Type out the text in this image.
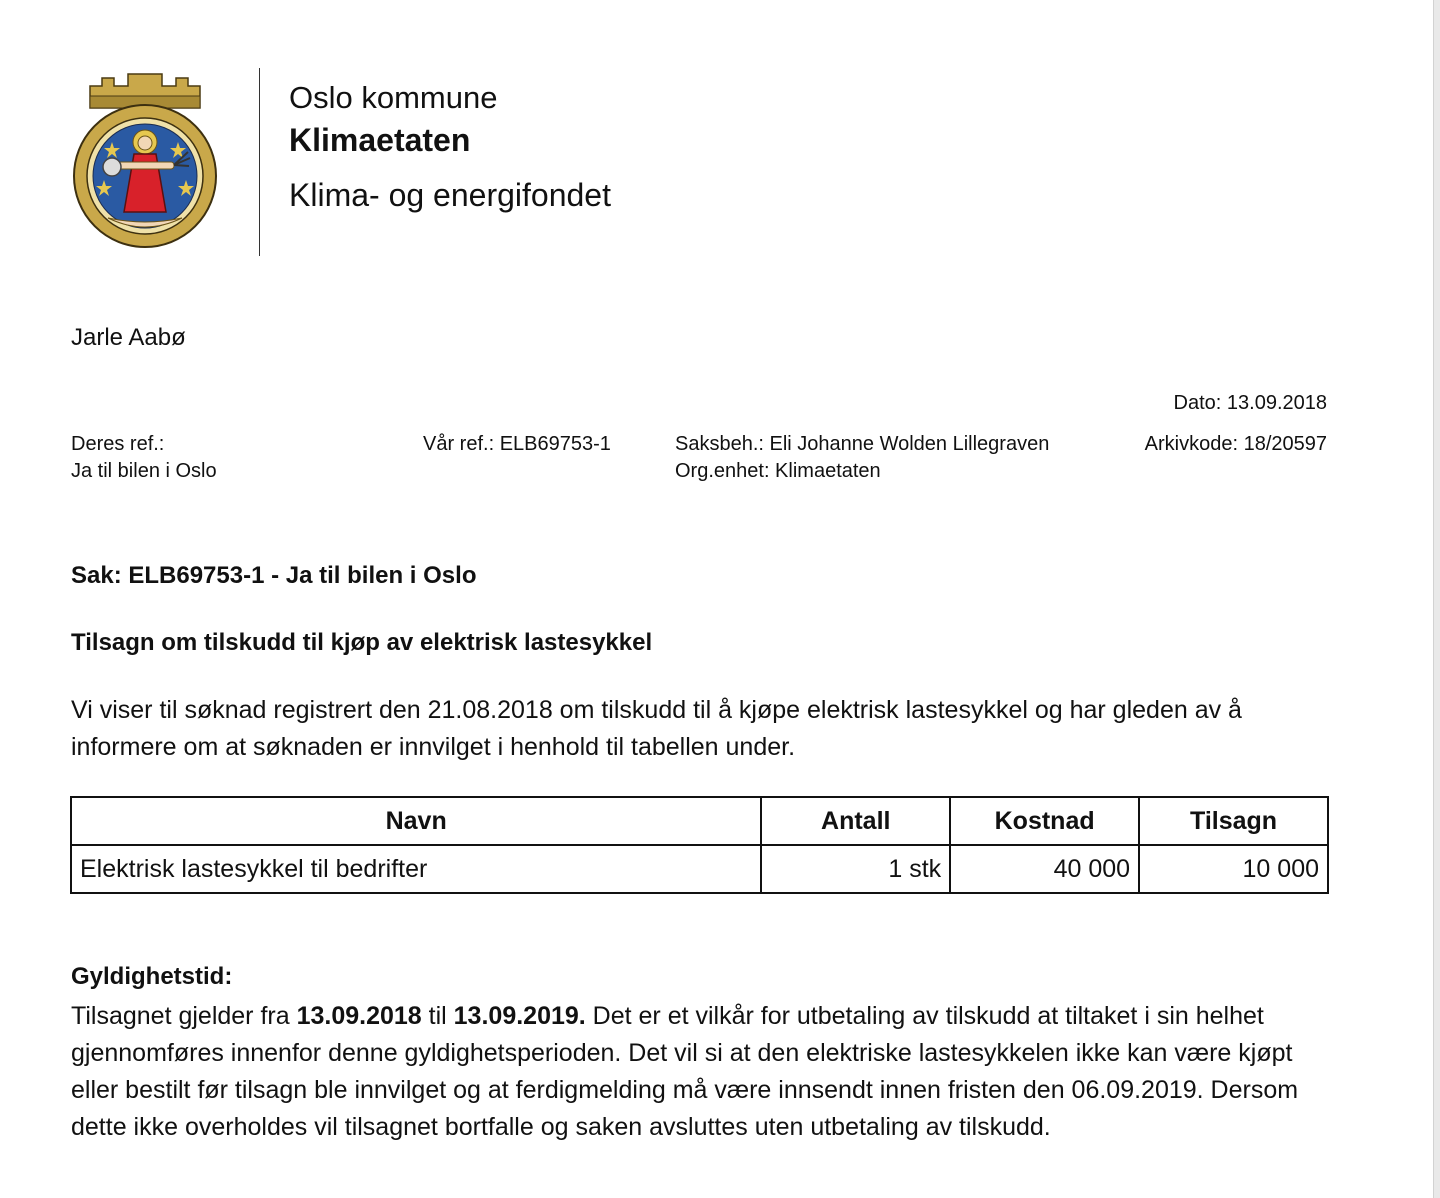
Oslo kommune
Klimaetaten
Klima- og energifondet
Jarle Aabø
Dato: 13.09.2018
Deres ref.:
Ja til bilen i Oslo
Vår ref.: ELB69753-1	Saksbeh.: Eli Johanne Wolden Lillegraven
Org.enhet: Klimaetaten
Arkivkode: 18/20597
Sak: ELB69753-1 - Ja til bilen i Oslo
Tilsagn om tilskudd til kjøp av elektrisk lastesykkel

Vi viser til søknad registrert den 21.08.2018 om tilskudd til å kjøpe elektrisk lastesykkel og har gleden av å informere om at søknaden er innvilget i henhold til tabellen under.

Navn	Antall	Kostnad	Tilsagn
Elektrisk lastesykkel til bedrifter	1 stk	40 000	10 000
Gyldighetstid:

Tilsagnet gjelder fra 13.09.2018 til 13.09.2019. Det er et vilkår for utbetaling av tilskudd at tiltaket i sin helhet gjennomføres innenfor denne gyldighetsperioden. Det vil si at den elektriske lastesykkelen ikke kan være kjøpt eller bestilt før tilsagn ble innvilget og at ferdigmelding må være innsendt innen fristen den 06.09.2019. Dersom dette ikke overholdes vil tilsagnet bortfalle og saken avsluttes uten utbetaling av tilskudd.
